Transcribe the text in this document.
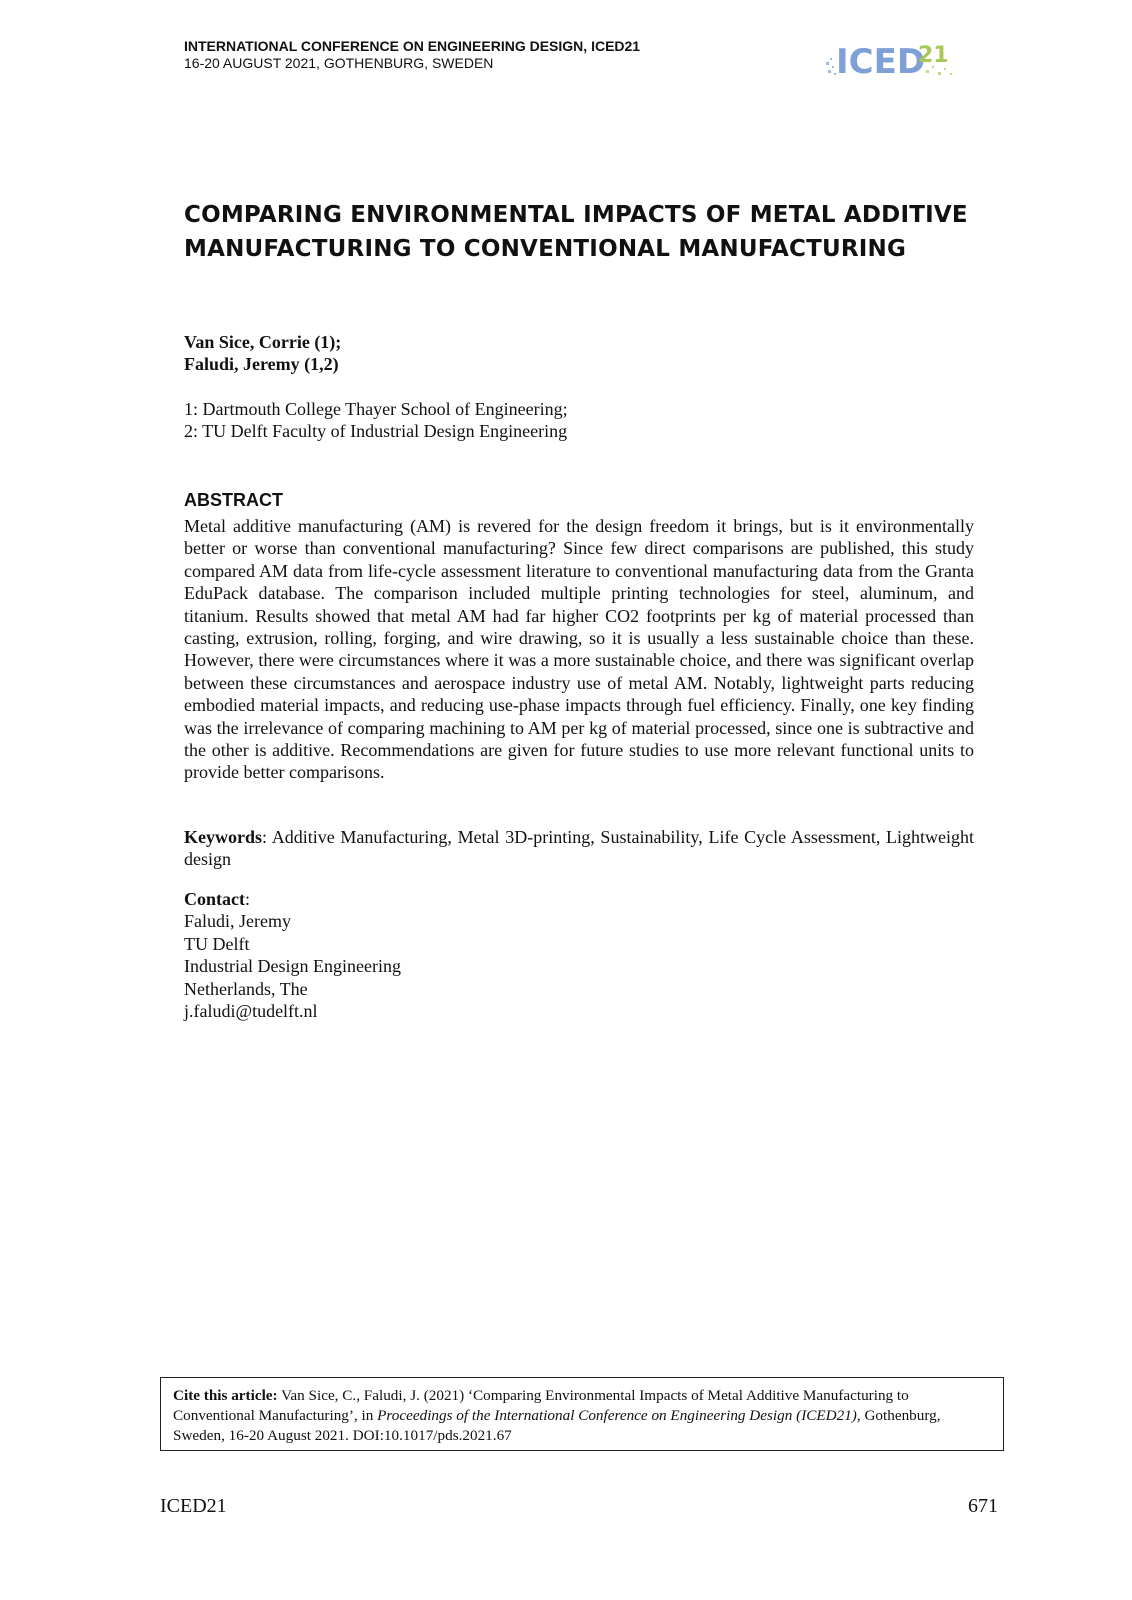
INTERNATIONAL CONFERENCE ON ENGINEERING DESIGN, ICED21
16-20 AUGUST 2021, GOTHENBURG, SWEDEN	ICED
21
COMPARING ENVIRONMENTAL IMPACTS OF METAL ADDITIVE MANUFACTURING TO CONVENTIONAL MANUFACTURING
Van Sice, Corrie (1);
Faludi, Jeremy (1,2)
1: Dartmouth College Thayer School of Engineering;
2: TU Delft Faculty of Industrial Design Engineering
ABSTRACT

Metal additive manufacturing (AM) is revered for the design freedom it brings, but is it environmentally better or worse than conventional manufacturing? Since few direct comparisons are published, this study compared AM data from life-cycle assessment literature to conventional manufacturing data from the Granta EduPack database. The comparison included multiple printing technologies for steel, aluminum, and titanium. Results showed that metal AM had far higher CO2 footprints per kg of material processed than casting, extrusion, rolling, forging, and wire drawing, so it is usually a less sustainable choice than these. However, there were circumstances where it was a more sustainable choice, and there was significant overlap between these circumstances and aerospace industry use of metal AM. Notably, lightweight parts reducing embodied material impacts, and reducing use-phase impacts through fuel efficiency. Finally, one key finding was the irrelevance of comparing machining to AM per kg of material processed, since one is subtractive and the other is additive. Recommendations are given for future studies to use more relevant functional units to provide better comparisons.

Keywords: Additive Manufacturing, Metal 3D-printing, Sustainability, Life Cycle Assessment, Lightweight design

Contact:
Faludi, Jeremy
TU Delft
Industrial Design Engineering
Netherlands, The
j.faludi@tudelft.nl
Cite this article: Van Sice, C., Faludi, J. (2021) ‘Comparing Environmental Impacts of Metal Additive Manufacturing to Conventional Manufacturing’, in Proceedings of the International Conference on Engineering Design (ICED21), Gothenburg, Sweden, 16-20 August 2021. DOI:10.1017/pds.2021.67
ICED21	671
